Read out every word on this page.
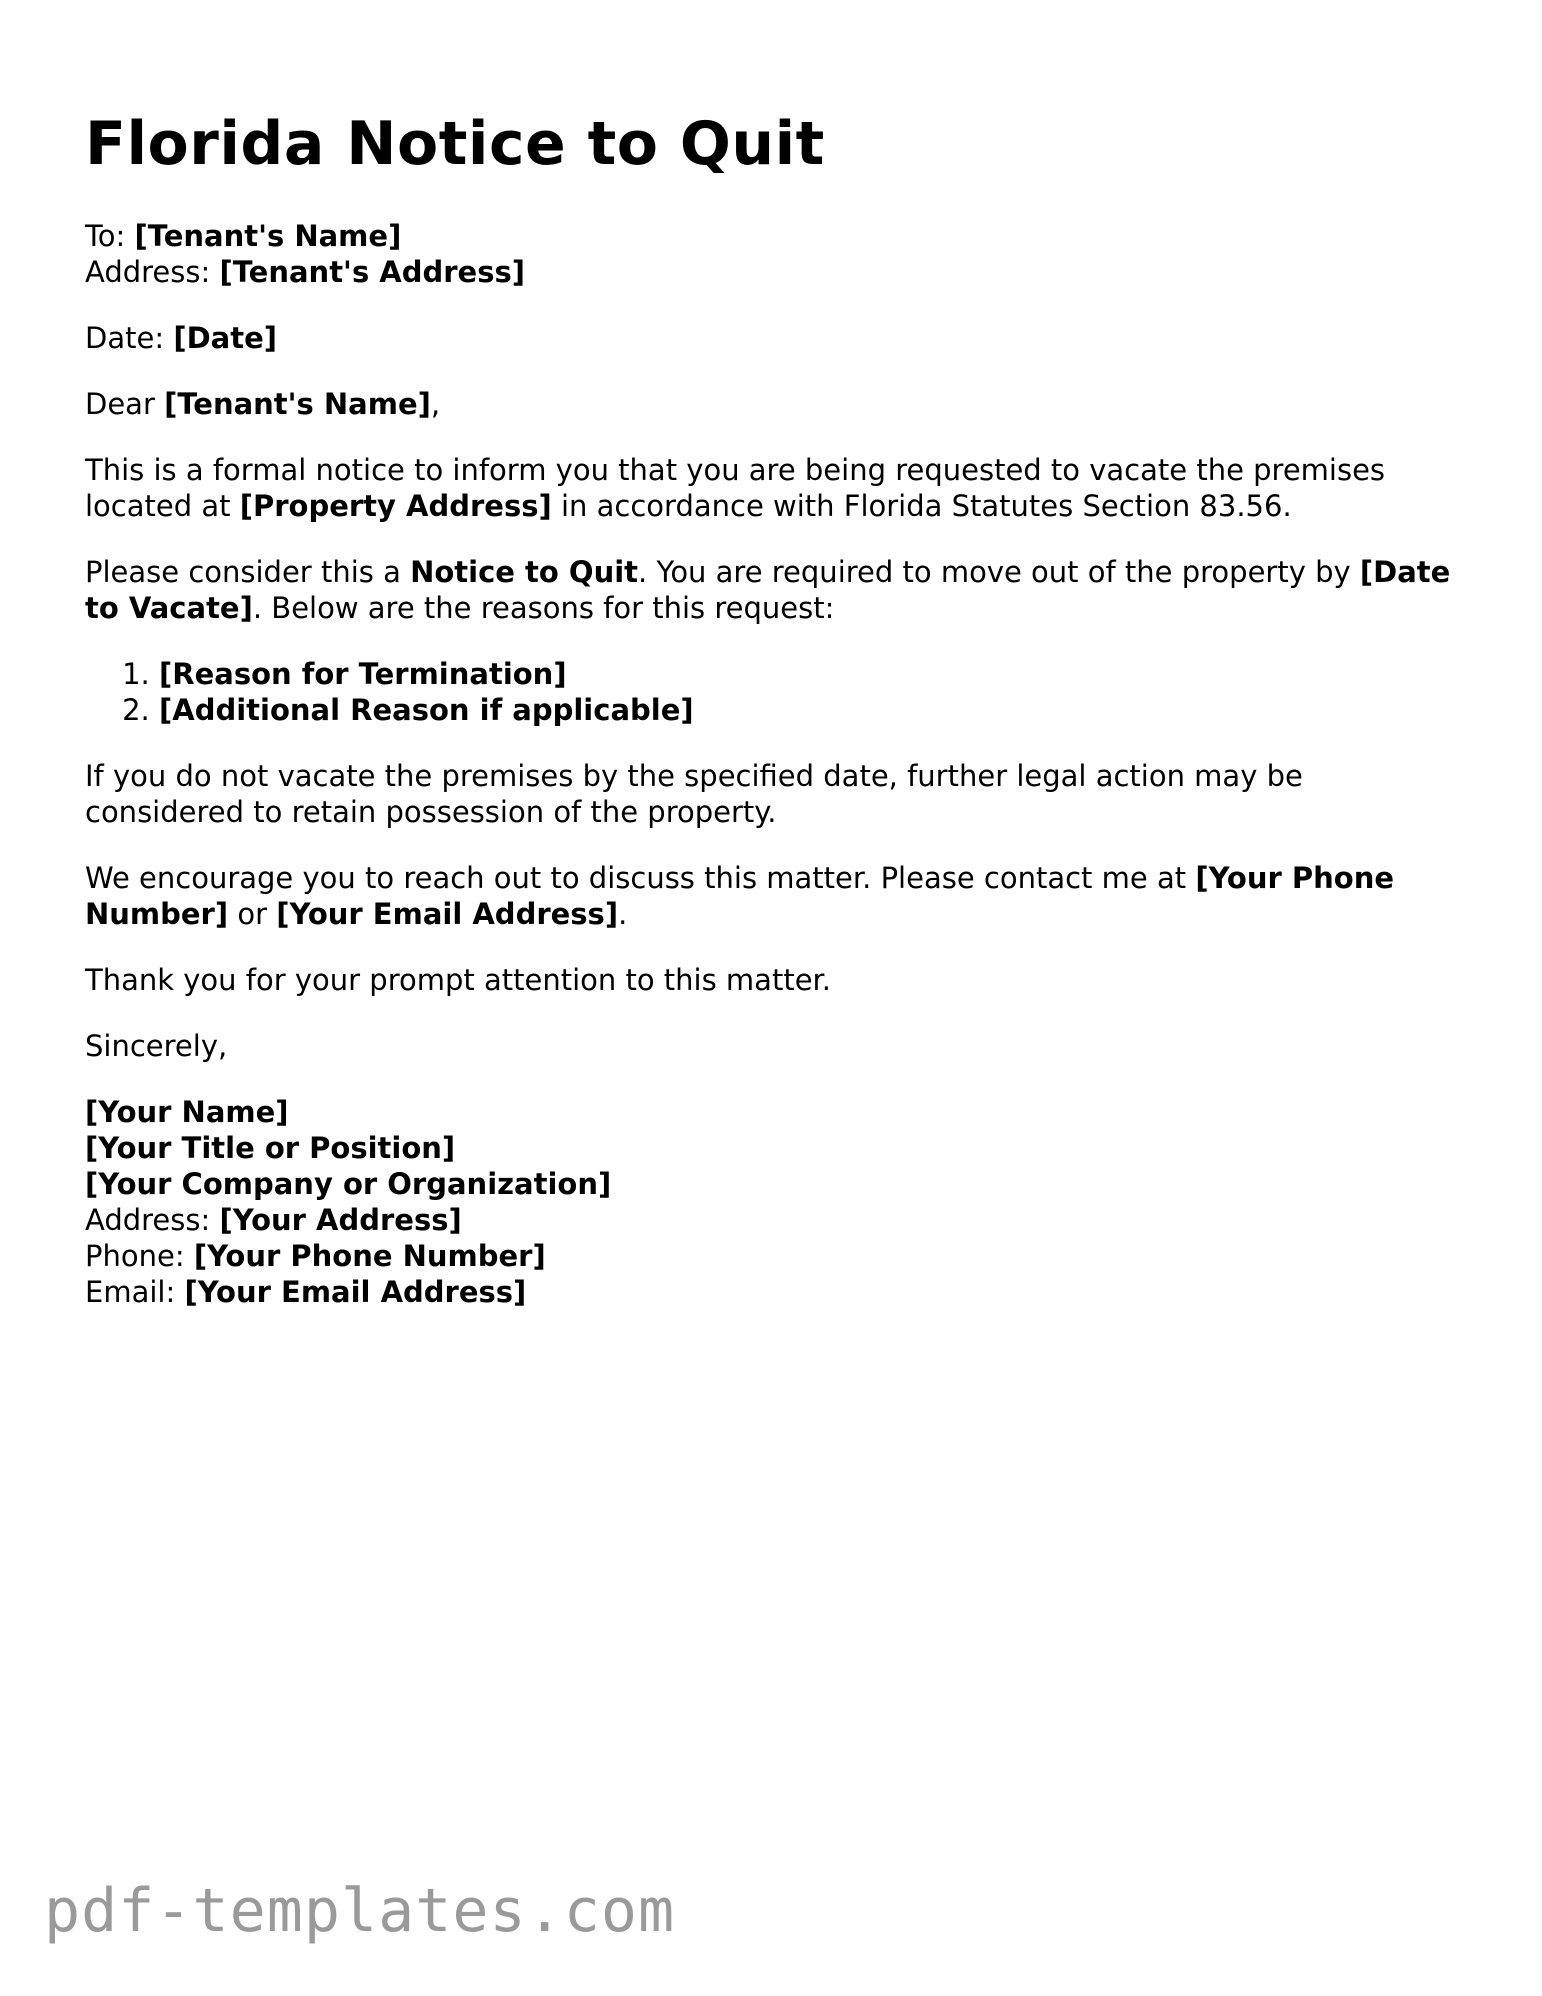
Florida Notice to Quit

To: [Tenant's Name]
Address: [Tenant's Address]

Date: [Date]

Dear [Tenant's Name],

This is a formal notice to inform you that you are being requested to vacate the premises located at [Property Address] in accordance with Florida Statutes Section 83.56.

Please consider this a Notice to Quit. You are required to move out of the property by [Date to Vacate]. Below are the reasons for this request:

1. [Reason for Termination]
2. [Additional Reason if applicable]

If you do not vacate the premises by the specified date, further legal action may be considered to retain possession of the property.

We encourage you to reach out to discuss this matter. Please contact me at [Your Phone Number] or [Your Email Address].

Thank you for your prompt attention to this matter.

Sincerely,

[Your Name]

[Your Title or Position]

[Your Company or Organization]

Address: [Your Address]

Phone: [Your Phone Number]

Email: [Your Email Address]

pdf-templates.com
